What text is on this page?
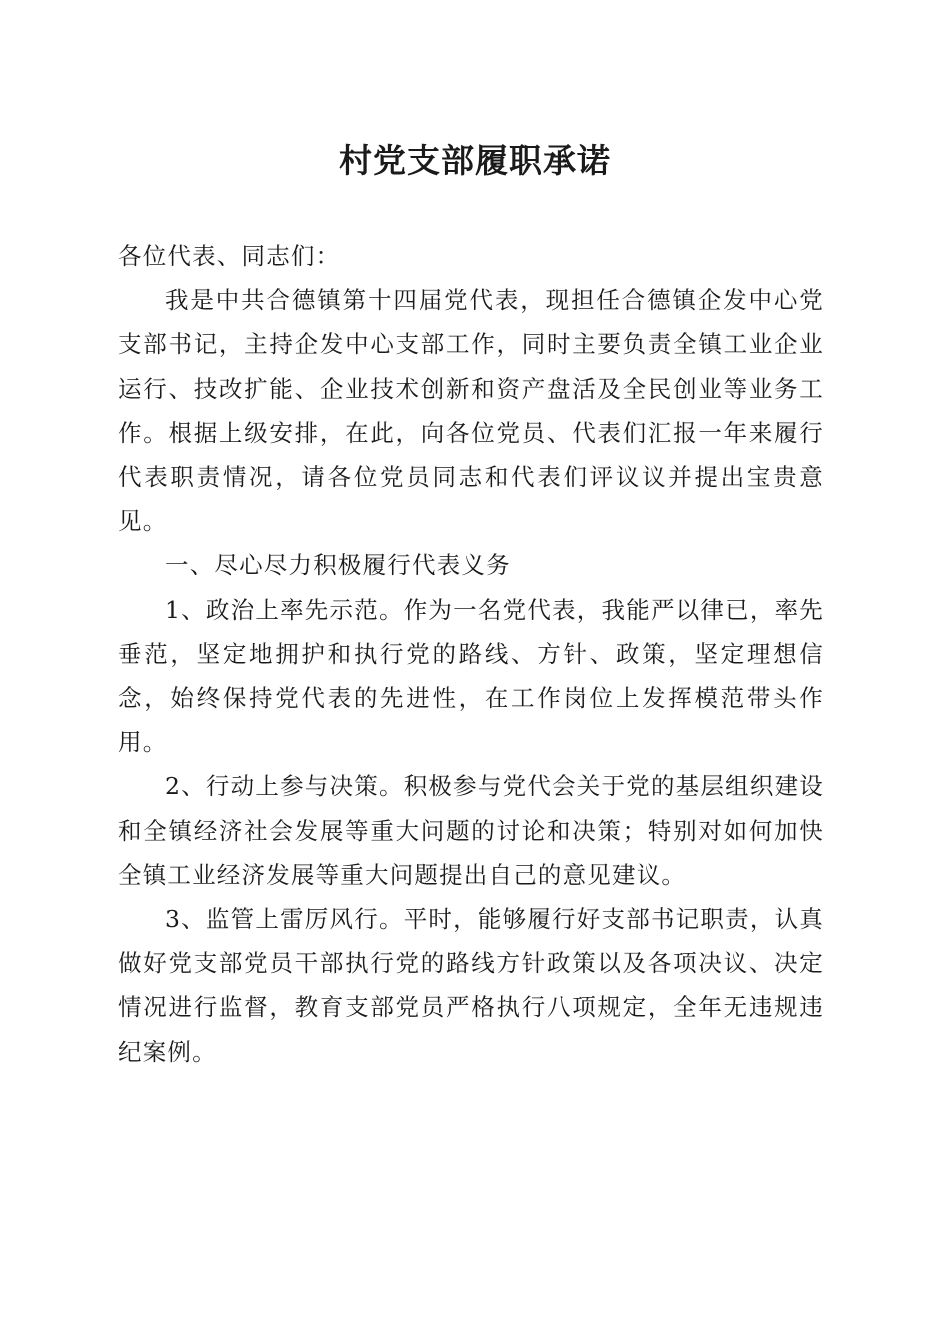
村党支部履职承诺

各位代表、同志们：

我是中共合德镇第十四届党代表，现担任合德镇企发中心党支部书记，主持企发中心支部工作，同时主要负责全镇工业企业运行、技改扩能、企业技术创新和资产盘活及全民创业等业务工作。根据上级安排，在此，向各位党员、代表们汇报一年来履行代表职责情况，请各位党员同志和代表们评议议并提出宝贵意见。

一、尽心尽力积极履行代表义务

1、政治上率先示范。作为一名党代表，我能严以律已，率先垂范，坚定地拥护和执行党的路线、方针、政策，坚定理想信念，始终保持党代表的先进性，在工作岗位上发挥模范带头作用。

2、行动上参与决策。积极参与党代会关于党的基层组织建设和全镇经济社会发展等重大问题的讨论和决策；特别对如何加快全镇工业经济发展等重大问题提出自己的意见建议。

3、监管上雷厉风行。平时，能够履行好支部书记职责，认真做好党支部党员干部执行党的路线方针政策以及各项决议、决定情况进行监督，教育支部党员严格执行八项规定，全年无违规违纪案例。
